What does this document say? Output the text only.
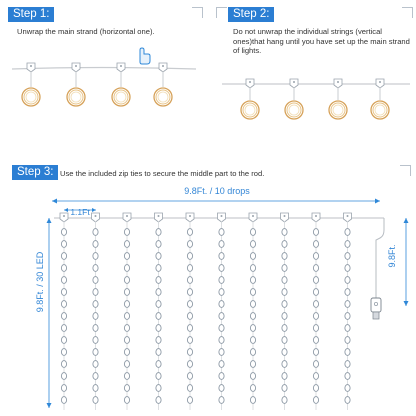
Step 1:
Unwrap the main strand (horizontal one).
Step 2:
Do not unwrap the individual strings (vertical ones)that hang until you have set up the main strand of lights.
Step 3: Use the included zip ties to secure the middle part to the rod.
9.8Ft. / 10 drops
1.1Ft
9.8Ft. / 30 LED	9.8Ft.
